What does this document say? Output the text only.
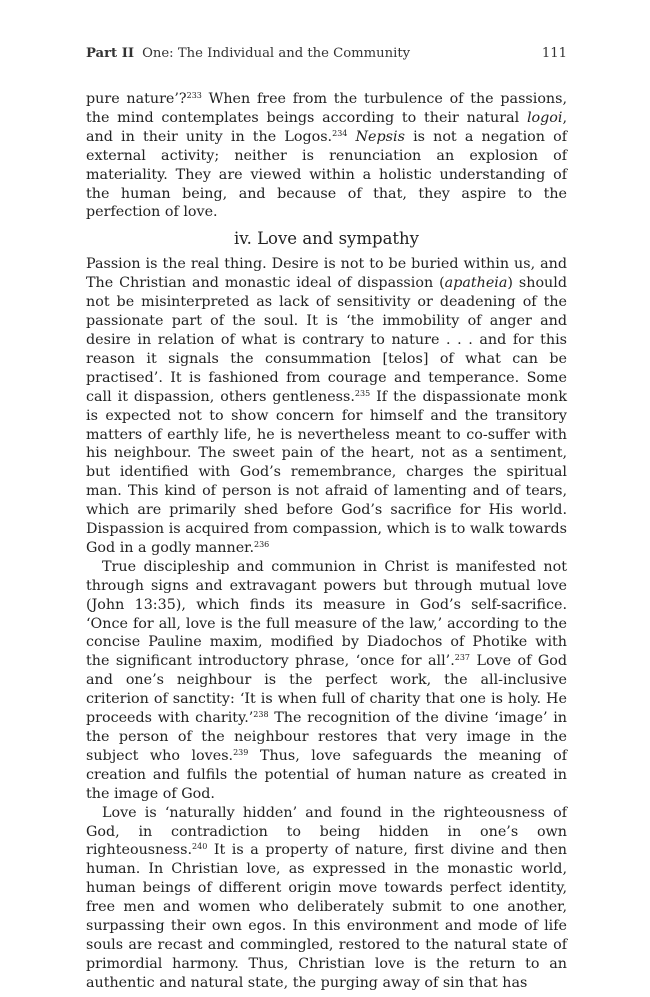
Part II One: The Individual and the Community	111

pure nature’?$^{233}$ When free from the turbulence of the passions, the mind contemplates beings according to their natural logoi, and in their unity in the Logos.$^{234}$ Nepsis is not a negation of external activity; neither is renunciation an explosion of materiality. They are viewed within a holistic understanding of the human being, and because of that, they aspire to the perfection of love.

iv. Love and sympathy

Passion is the real thing. Desire is not to be buried within us, and The Christian and monastic ideal of dispassion (apatheia) should not be misinterpreted as lack of sensitivity or deadening of the passionate part of the soul. It is ‘the immobility of anger and desire in relation of what is contrary to nature . . . and for this reason it signals the consummation [telos] of what can be practised’. It is fashioned from courage and temperance. Some call it dispassion, others gentleness.$^{235}$ If the dispassionate monk is expected not to show concern for himself and the transitory matters of earthly life, he is nevertheless meant to co-suffer with his neighbour. The sweet pain of the heart, not as a sentiment, but identified with God’s remembrance, charges the spiritual man. This kind of person is not afraid of lamenting and of tears, which are primarily shed before God’s sacrifice for His world. Dispassion is acquired from compassion, which is to walk towards God in a godly manner.$^{236}$

True discipleship and communion in Christ is manifested not through signs and extravagant powers but through mutual love (John 13:35), which finds its measure in God’s self-sacrifice. ‘Once for all, love is the full measure of the law,’ according to the concise Pauline maxim, modified by Diadochos of Photike with the significant introductory phrase, ‘once for all’.$^{237}$ Love of God and one’s neighbour is the perfect work, the all-inclusive criterion of sanctity: ‘It is when full of charity that one is holy. He proceeds with charity.’$^{238}$ The recognition of the divine ‘image’ in the person of the neighbour restores that very image in the subject who loves.$^{239}$ Thus, love safeguards the meaning of creation and fulfils the potential of human nature as created in the image of God.

Love is ‘naturally hidden’ and found in the righteousness of God, in contradiction to being hidden in one’s own righteousness.$^{240}$ It is a property of nature, first divine and then human. In Christian love, as expressed in the monastic world, human beings of different origin move towards perfect identity, free men and women who deliberately submit to one another, surpassing their own egos. In this environment and mode of life souls are recast and commingled, restored to the natural state of primordial harmony. Thus, Christian love is the return to an authentic and natural state, the purging away of sin that has
